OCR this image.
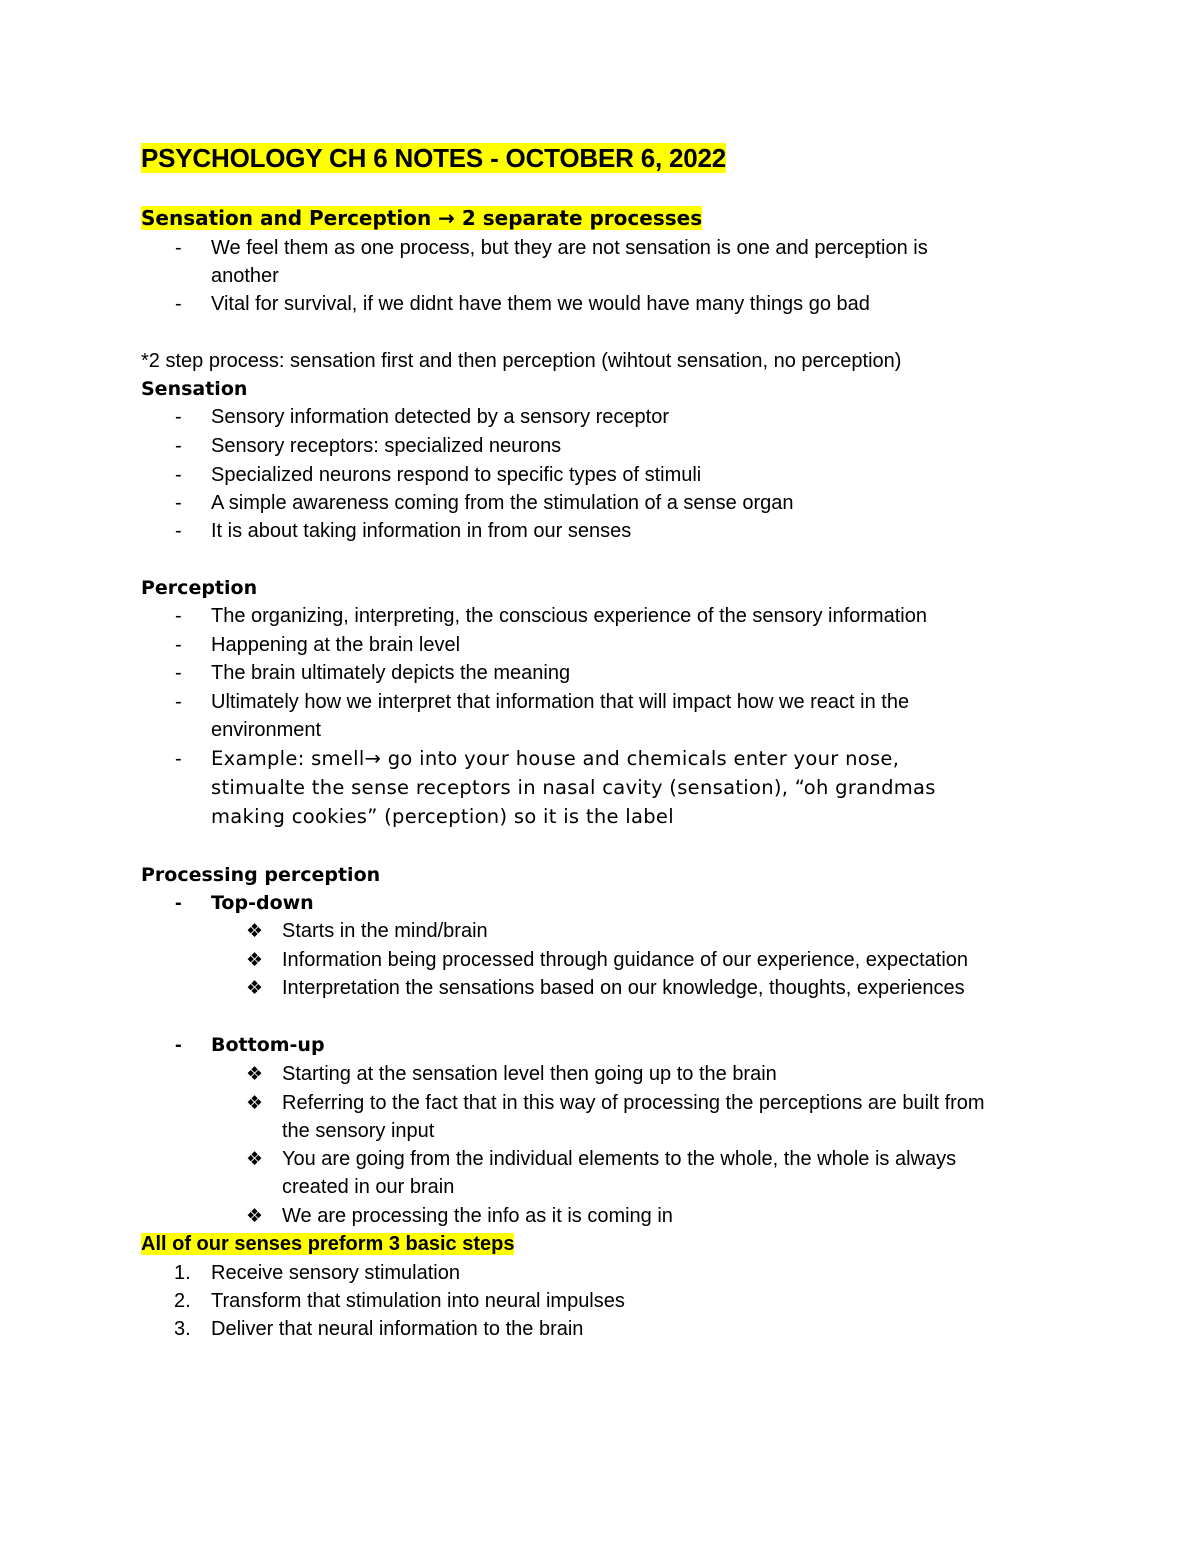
PSYCHOLOGY CH 6 NOTES - OCTOBER 6, 2022
Sensation and Perception → 2 separate processes
- We feel them as one process, but they are not sensation is one and perception is
another
- Vital for survival, if we didnt have them we would have many things go bad
*2 step process: sensation first and then perception (wihtout sensation, no perception)
Sensation
- Sensory information detected by a sensory receptor
- Sensory receptors: specialized neurons
- Specialized neurons respond to specific types of stimuli
- A simple awareness coming from the stimulation of a sense organ
- It is about taking information in from our senses
Perception
- The organizing, interpreting, the conscious experience of the sensory information
- Happening at the brain level
- The brain ultimately depicts the meaning
- Ultimately how we interpret that information that will impact how we react in the
environment
- Example: smell→ go into your house and chemicals enter your nose,
stimualte the sense receptors in nasal cavity (sensation), “oh grandmas
making cookies” (perception) so it is the label
Processing perception
- Top-down
❖ Starts in the mind/brain
❖ Information being processed through guidance of our experience, expectation
❖ Interpretation the sensations based on our knowledge, thoughts, experiences
- Bottom-up
❖ Starting at the sensation level then going up to the brain
❖ Referring to the fact that in this way of processing the perceptions are built from
the sensory input
❖ You are going from the individual elements to the whole, the whole is always
created in our brain
❖ We are processing the info as it is coming in
All of our senses preform 3 basic steps
1. Receive sensory stimulation
2. Transform that stimulation into neural impulses
3. Deliver that neural information to the brain
